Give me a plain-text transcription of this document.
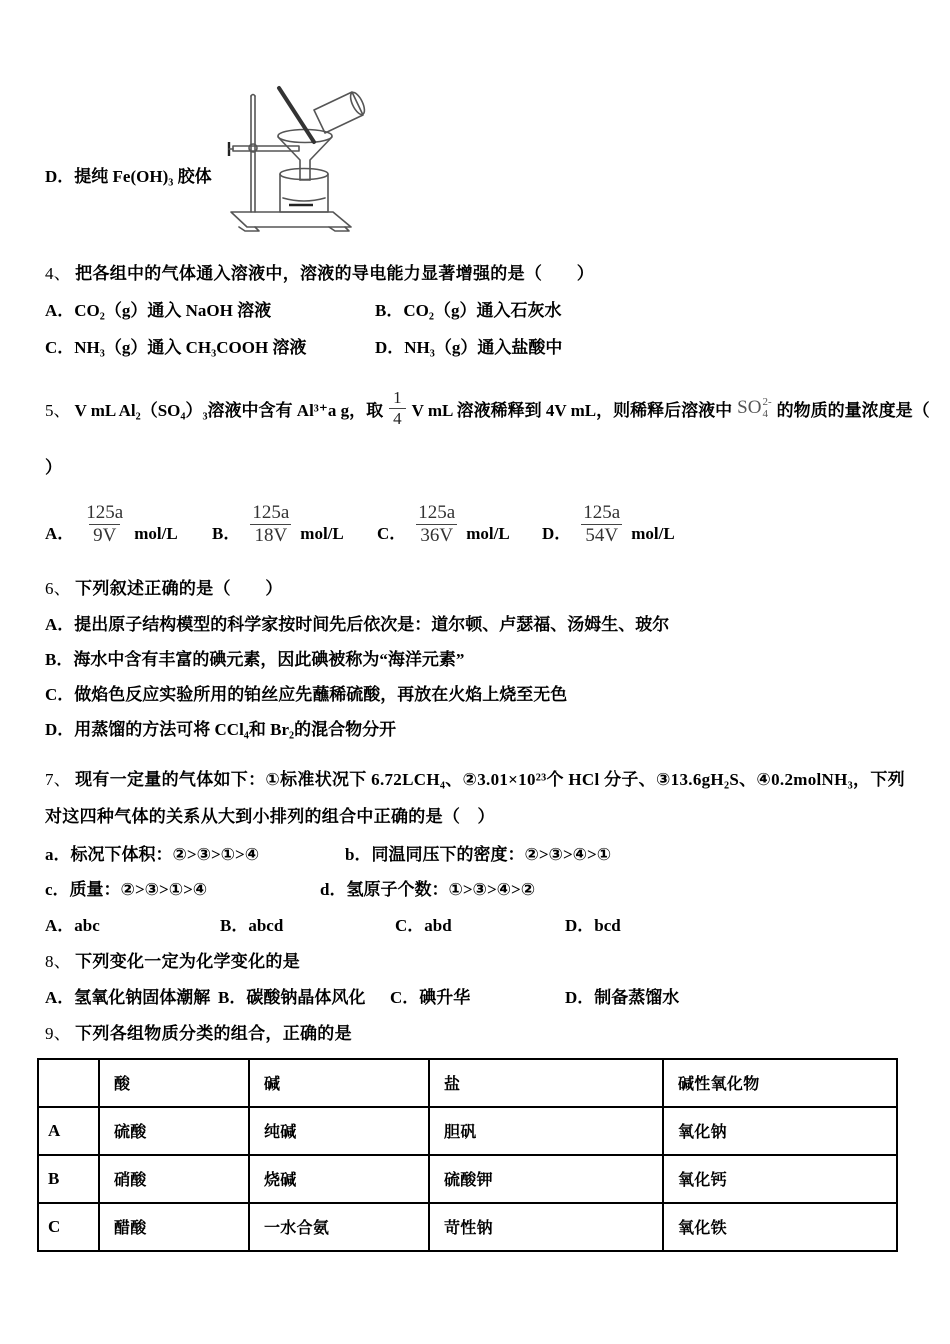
D．提纯 Fe(OH)₃ 胶体
4、 把各组中的气体通入溶液中，溶液的导电能力显著增强的是（　　）
A．CO₂（g）通入 NaOH 溶液	B．CO₂（g）通入石灰水
C．NH₃（g）通入 CH₃COOH 溶液	D．NH₃（g）通入盐酸中
5、 V mL Al₂（SO₄）₃溶液中含有 Al³⁺a g，取 $\frac{1}{4}$ V mL 溶液稀释到 4V mL，则稀释后溶液中 SO 2-
4 的物质的量浓度是（
）
A． $\frac{125a}{9V} mol/L$ B． $\frac{125a}{18V} mol/L$ C． $\frac{125a}{36V} mol/L$ D． $\frac{125a}{54V} mol/L$
6、 下列叙述正确的是（　　）
A．提出原子结构模型的科学家按时间先后依次是：道尔顿、卢瑟福、汤姆生、玻尔
B．海水中含有丰富的碘元素，因此碘被称为“海洋元素”
C．做焰色反应实验所用的铂丝应先蘸稀硫酸，再放在火焰上烧至无色
D．用蒸馏的方法可将 CCl₄和 Br₂的混合物分开
7、 现有一定量的气体如下：①标准状况下 6.72LCH₄、②3.01×10²³个 HCl 分子、③13.6gH₂S、④0.2molNH₃，下列对这四种气体的关系从大到小排列的组合中正确的是（　）
a．标况下体积：②>③>①>④	b．同温同压下的密度：②>③>④>①
c．质量：②>③>①>④	d．氢原子个数：①>③>④>②
A．abc	B．abcd	C．abd	D．bcd
8、 下列变化一定为化学变化的是
A．氢氧化钠固体潮解 B．碳酸钠晶体风化	C．碘升华	D．制备蒸馏水
9、 下列各组物质分类的组合，正确的是
	酸	碱	盐	碱性氧化物
A	硫酸	纯碱	胆矾	氧化钠
B	硝酸	烧碱	硫酸钾	氧化钙
C	醋酸	一水合氨	苛性钠	氧化铁
